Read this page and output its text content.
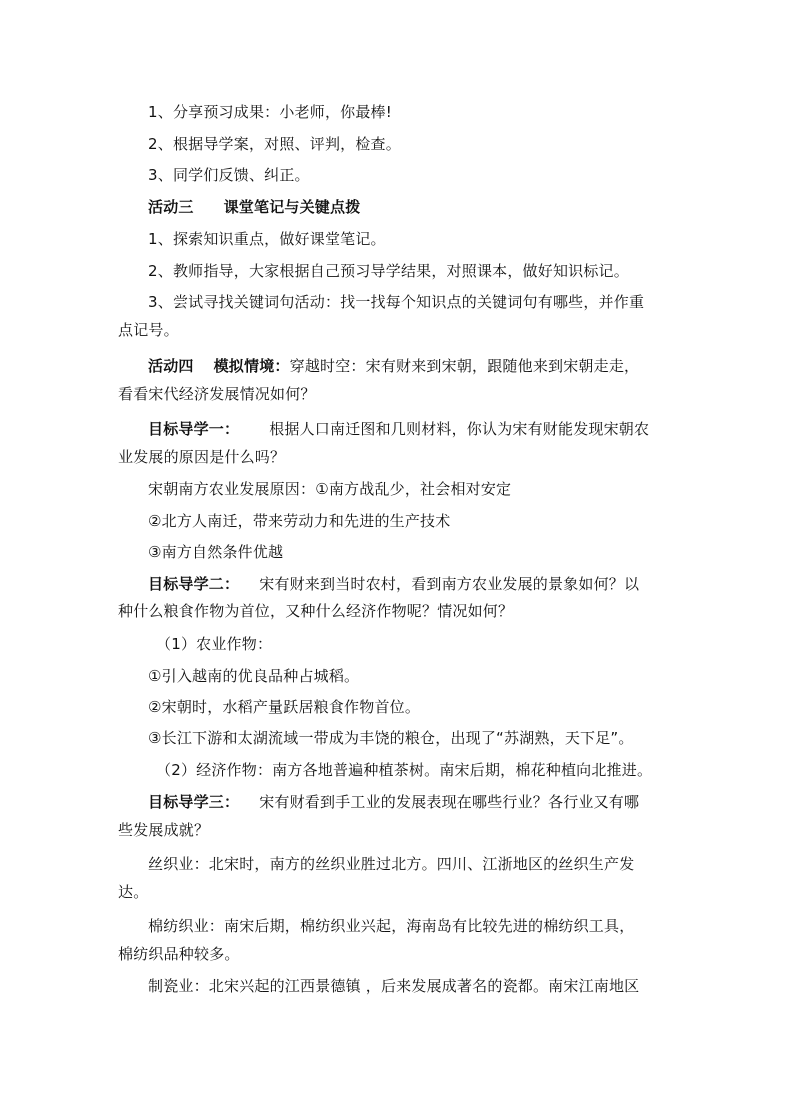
1、分享预习成果：小老师，你最棒!
2、根据导学案，对照、评判，检查。
3、同学们反馈、纠正。
活动三 课堂笔记与关键点拨
1、探索知识重点，做好课堂笔记。
2、教师指导，大家根据自己预习导学结果，对照课本，做好知识标记。
3、尝试寻找关键词句活动：找一找每个知识点的关键词句有哪些，并作重
点记号。
活动四 模拟情境：穿越时空：宋有财来到宋朝，跟随他来到宋朝走走，
看看宋代经济发展情况如何？
目标导学一： 根据人口南迁图和几则材料，你认为宋有财能发现宋朝农
业发展的原因是什么吗？
宋朝南方农业发展原因：①南方战乱少，社会相对安定
②北方人南迁，带来劳动力和先进的生产技术
③南方自然条件优越
目标导学二： 宋有财来到当时农村，看到南方农业发展的景象如何？以
种什么粮食作物为首位，又种什么经济作物呢？情况如何？
（1）农业作物：
①引入越南的优良品种占城稻。
②宋朝时，水稻产量跃居粮食作物首位。
③长江下游和太湖流域一带成为丰饶的粮仓，出现了“苏湖熟，天下足”。
（2）经济作物：南方各地普遍种植茶树。南宋后期，棉花种植向北推进。
目标导学三： 宋有财看到手工业的发展表现在哪些行业？各行业又有哪
些发展成就？
丝织业：北宋时，南方的丝织业胜过北方。四川、江浙地区的丝织生产发
达。
棉纺织业：南宋后期，棉纺织业兴起，海南岛有比较先进的棉纺织工具，
棉纺织品种较多。
制瓷业：北宋兴起的江西景德镇 ，后来发展成著名的瓷都。南宋江南地区
